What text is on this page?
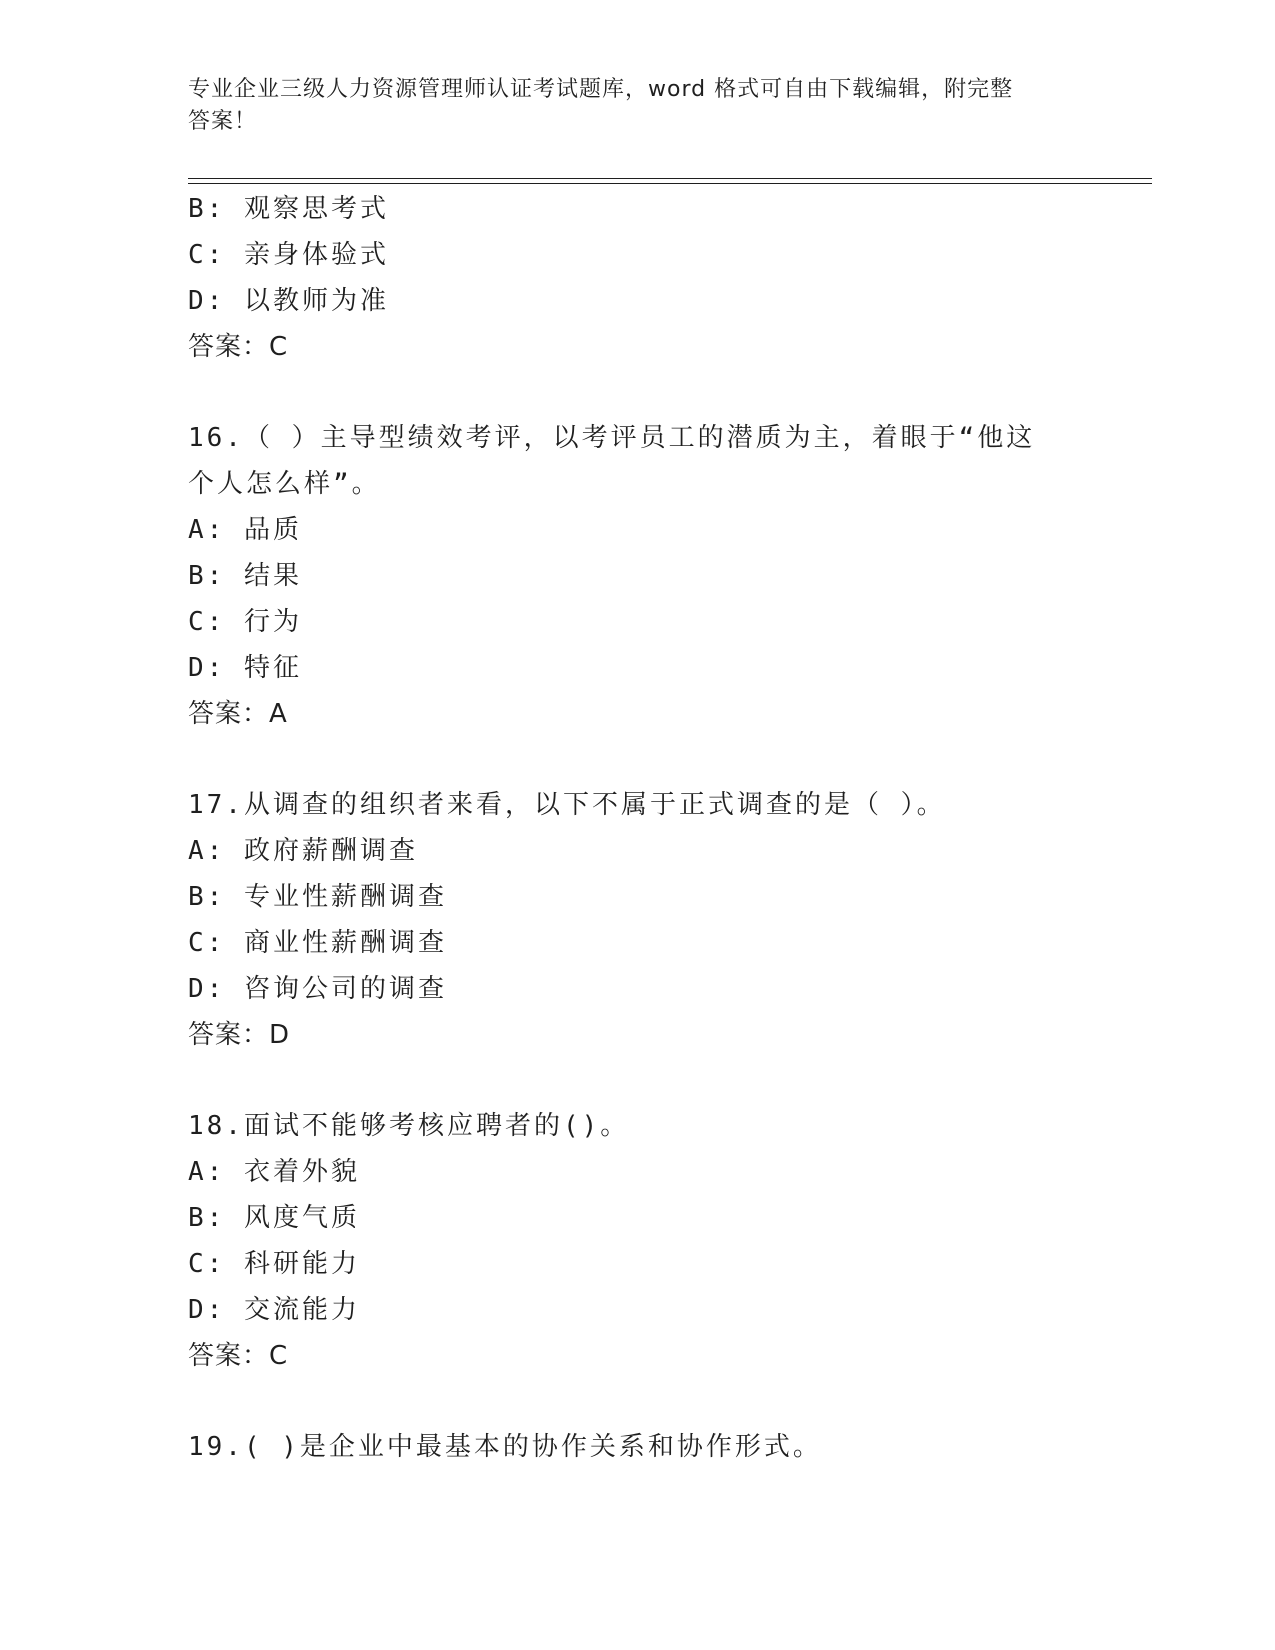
专业企业三级人力资源管理师认证考试题库，word 格式可自由下载编辑，附完整
答案！
B: 观察思考式
C: 亲身体验式
D: 以教师为准
答案：C
16.（ ）主导型绩效考评，以考评员工的潜质为主，着眼于“他这
个人怎么样”。
A: 品质
B: 结果
C: 行为
D: 特征
答案：A
17.从调查的组织者来看，以下不属于正式调查的是（ ）。
A: 政府薪酬调查
B: 专业性薪酬调查
C: 商业性薪酬调查
D: 咨询公司的调查
答案：D
18.面试不能够考核应聘者的()。
A: 衣着外貌
B: 风度气质
C: 科研能力
D: 交流能力
答案：C
19.( )是企业中最基本的协作关系和协作形式。
